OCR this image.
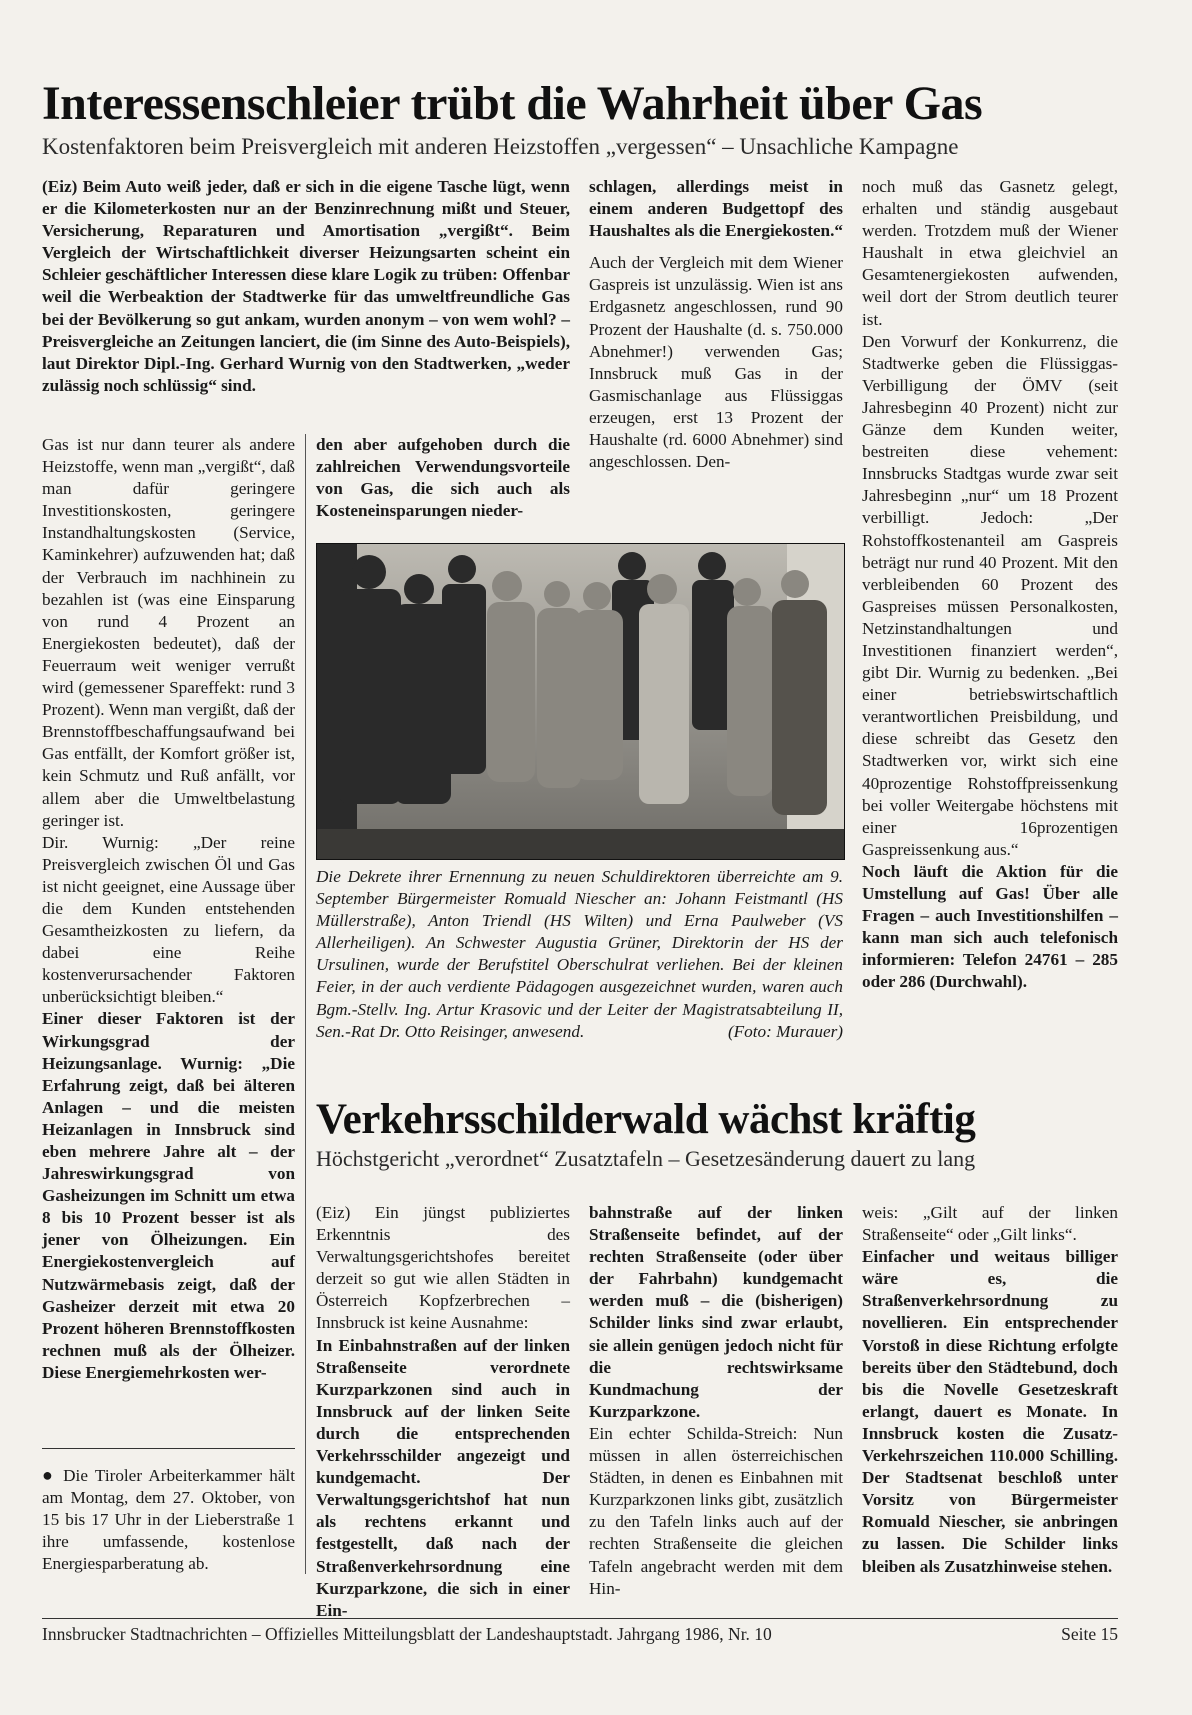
Interessenschleier trübt die Wahrheit über Gas
Kostenfaktoren beim Preisvergleich mit anderen Heizstoffen „vergessen“ – Unsachliche Kampagne
(Eiz) Beim Auto weiß jeder, daß er sich in die eigene Tasche lügt, wenn er die Kilometerkosten nur an der Benzinrechnung mißt und Steuer, Versicherung, Reparaturen und Amortisation „vergißt“. Beim Vergleich der Wirtschaftlichkeit diverser Heizungsarten scheint ein Schleier geschäftlicher Interessen diese klare Logik zu trüben: Offenbar weil die Werbeaktion der Stadtwerke für das umweltfreundliche Gas bei der Bevölkerung so gut ankam, wurden anonym – von wem wohl? – Preisvergleiche an Zeitungen lanciert, die (im Sinne des Auto-Beispiels), laut Direktor Dipl.-Ing. Gerhard Wurnig von den Stadtwerken, „weder zulässig noch schlüssig“ sind.

Gas ist nur dann teurer als andere Heizstoffe, wenn man „vergißt“, daß man dafür geringere Investitionskosten, geringere Instandhaltungskosten (Service, Kaminkehrer) aufzuwenden hat; daß der Verbrauch im nachhinein zu bezahlen ist (was eine Einsparung von rund 4 Prozent an Energiekosten bedeutet), daß der Feuerraum weit weniger verrußt wird (gemessener Spareffekt: rund 3 Prozent). Wenn man vergißt, daß der Brennstoffbeschaffungsaufwand bei Gas entfällt, der Komfort größer ist, kein Schmutz und Ruß anfällt, vor allem aber die Umweltbelastung geringer ist.

Dir. Wurnig: „Der reine Preisvergleich zwischen Öl und Gas ist nicht geeignet, eine Aussage über die dem Kunden entstehenden Gesamtheizkosten zu liefern, da dabei eine Reihe kostenverursachender Faktoren unberücksichtigt bleiben.“

Einer dieser Faktoren ist der Wirkungsgrad der Heizungsanlage. Wurnig: „Die Erfahrung zeigt, daß bei älteren Anlagen – und die meisten Heizanlagen in Innsbruck sind eben mehrere Jahre alt – der Jahreswirkungsgrad von Gasheizungen im Schnitt um etwa 8 bis 10 Prozent besser ist als jener von Ölheizungen. Ein Energiekostenvergleich auf Nutzwärmebasis zeigt, daß der Gasheizer derzeit mit etwa 20 Prozent höheren Brennstoffkosten rechnen muß als der Ölheizer. Diese Energiemehrkosten wer-

den aber aufgehoben durch die zahlreichen Verwendungsvorteile von Gas, die sich auch als Kosteneinsparungen nieder-

schlagen, allerdings meist in einem anderen Budgettopf des Haushaltes als die Energiekosten.“

Auch der Vergleich mit dem Wiener Gaspreis ist unzulässig. Wien ist ans Erdgasnetz angeschlossen, rund 90 Prozent der Haushalte (d. s. 750.000 Abnehmer!) verwenden Gas; Innsbruck muß Gas in der Gasmischanlage aus Flüssiggas erzeugen, erst 13 Prozent der Haushalte (rd. 6000 Abnehmer) sind angeschlossen. Den-

noch muß das Gasnetz gelegt, erhalten und ständig ausgebaut werden. Trotzdem muß der Wiener Haushalt in etwa gleichviel an Gesamtenergiekosten aufwenden, weil dort der Strom deutlich teurer ist.

Den Vorwurf der Konkurrenz, die Stadtwerke geben die Flüssiggas-Verbilligung der ÖMV (seit Jahresbeginn 40 Prozent) nicht zur Gänze dem Kunden weiter, bestreiten diese vehement: Innsbrucks Stadtgas wurde zwar seit Jahresbeginn „nur“ um 18 Prozent verbilligt. Jedoch: „Der Rohstoffkostenanteil am Gaspreis beträgt nur rund 40 Prozent. Mit den verbleibenden 60 Prozent des Gaspreises müssen Personalkosten, Netzinstandhaltungen und Investitionen finanziert werden“, gibt Dir. Wurnig zu bedenken. „Bei einer betriebswirtschaftlich verantwortlichen Preisbildung, und diese schreibt das Gesetz den Stadtwerken vor, wirkt sich eine 40prozentige Rohstoffpreissenkung bei voller Weitergabe höchstens mit einer 16prozentigen Gaspreissenkung aus.“

Noch läuft die Aktion für die Umstellung auf Gas! Über alle Fragen – auch Investitionshilfen – kann man sich auch telefonisch informieren: Telefon 24761 – 285 oder 286 (Durchwahl).

Die Dekrete ihrer Ernennung zu neuen Schuldirektoren überreichte am 9. September Bürgermeister Romuald Niescher an: Johann Feistmantl (HS Müllerstraße), Anton Triendl (HS Wilten) und Erna Paulweber (VS Allerheiligen). An Schwester Augustia Grüner, Direktorin der HS der Ursulinen, wurde der Berufstitel Oberschulrat verliehen. Bei der kleinen Feier, in der auch verdiente Pädagogen ausgezeichnet wurden, waren auch Bgm.-Stellv. Ing. Artur Krasovic und der Leiter der Magistratsabteilung II, Sen.-Rat Dr. Otto Reisinger, anwesend.	(Foto: Murauer)
Verkehrsschilderwald wächst kräftig
Höchstgericht „verordnet“ Zusatztafeln – Gesetzesänderung dauert zu lang

(Eiz) Ein jüngst publiziertes Erkenntnis des Verwaltungsgerichtshofes bereitet derzeit so gut wie allen Städten in Österreich Kopfzerbrechen – Innsbruck ist keine Ausnahme:

In Einbahnstraßen auf der linken Straßenseite verordnete Kurzparkzonen sind auch in Innsbruck auf der linken Seite durch die entsprechenden Verkehrsschilder angezeigt und kundgemacht. Der Verwaltungsgerichtshof hat nun als rechtens erkannt und festgestellt, daß nach der Straßenverkehrsordnung eine Kurzparkzone, die sich in einer Ein-

bahnstraße auf der linken Straßenseite befindet, auf der rechten Straßenseite (oder über der Fahrbahn) kundgemacht werden muß – die (bisherigen) Schilder links sind zwar erlaubt, sie allein genügen jedoch nicht für die rechtswirksame Kundmachung der Kurzparkzone.

Ein echter Schilda-Streich: Nun müssen in allen österreichischen Städten, in denen es Einbahnen mit Kurzparkzonen links gibt, zusätzlich zu den Tafeln links auch auf der rechten Straßenseite die gleichen Tafeln angebracht werden mit dem Hin-

weis: „Gilt auf der linken Straßenseite“ oder „Gilt links“.

Einfacher und weitaus billiger wäre es, die Straßenverkehrsordnung zu novellieren. Ein entsprechender Vorstoß in diese Richtung erfolgte bereits über den Städtebund, doch bis die Novelle Gesetzeskraft erlangt, dauert es Monate. In Innsbruck kosten die Zusatz-Verkehrszeichen 110.000 Schilling. Der Stadtsenat beschloß unter Vorsitz von Bürgermeister Romuald Niescher, sie anbringen zu lassen. Die Schilder links bleiben als Zusatzhinweise stehen.

● Die Tiroler Arbeiterkammer hält am Montag, dem 27. Oktober, von 15 bis 17 Uhr in der Lieberstraße 1 ihre umfassende, kostenlose Energiesparberatung ab.
Innsbrucker Stadtnachrichten – Offizielles Mitteilungsblatt der Landeshauptstadt. Jahrgang 1986, Nr. 10	Seite 15
